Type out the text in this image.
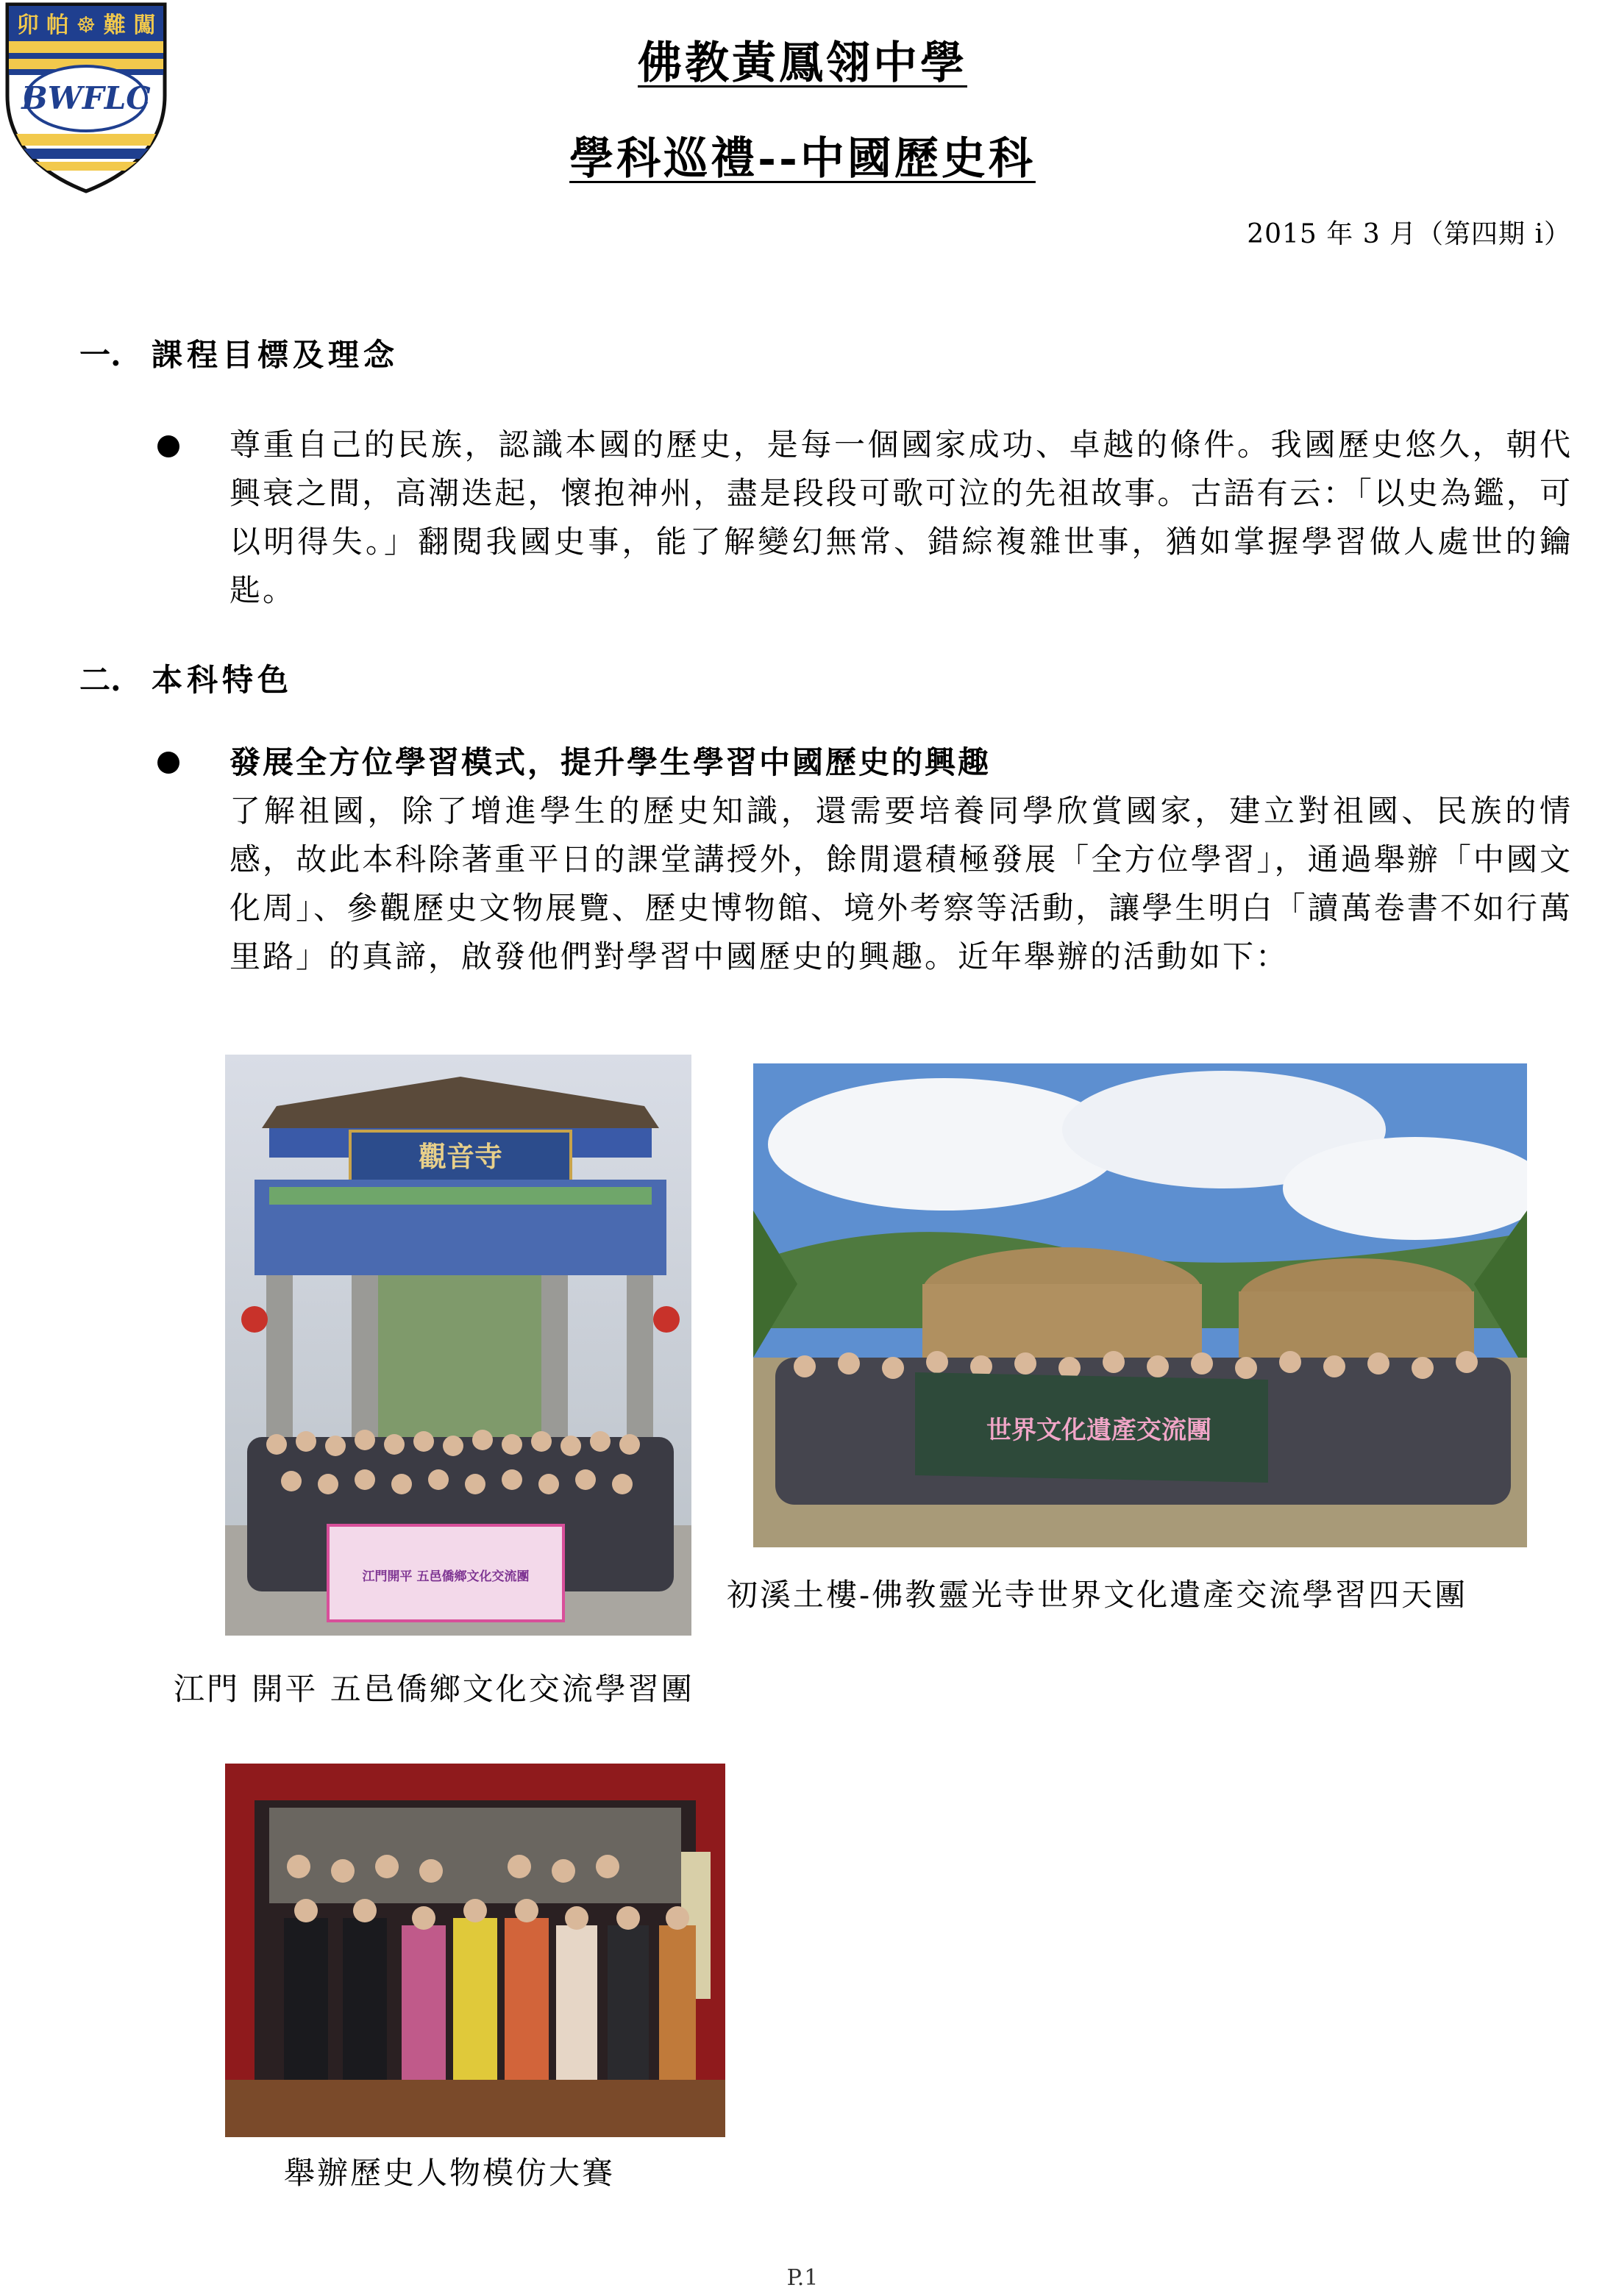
卯 帕 ☸ 難 闖
BWFLC
佛教黃鳳翎中學
學科巡禮--中國歷史科
2015 年 3 月（第四期 i）
一. 課程目標及理念
尊重自己的民族，認識本國的歷史，是每一個國家成功、卓越的條件。我國歷史悠久，朝代興衰之間，高潮迭起，懷抱神州，盡是段段可歌可泣的先祖故事。古語有云：「以史為鑑，可以明得失。」翻閱我國史事，能了解變幻無常、錯綜複雜世事，猶如掌握學習做人處世的鑰匙。
二. 本科特色
發展全方位學習模式，提升學生學習中國歷史的興趣
了解祖國，除了增進學生的歷史知識，還需要培養同學欣賞國家，建立對祖國、民族的情感，故此本科除著重平日的課堂講授外，餘閒還積極發展「全方位學習」，通過舉辦「中國文化周」、參觀歷史文物展覽、歷史博物館、境外考察等活動，讓學生明白「讀萬卷書不如行萬里路」的真諦，啟發他們對學習中國歷史的興趣。近年舉辦的活動如下：
觀音寺
江門開平 五邑僑鄉文化交流團
世界文化遺產交流團
初溪土樓-佛教靈光寺世界文化遺產交流學習四天團
江門 開平 五邑僑鄉文化交流學習團
舉辦歷史人物模仿大賽
P.1
